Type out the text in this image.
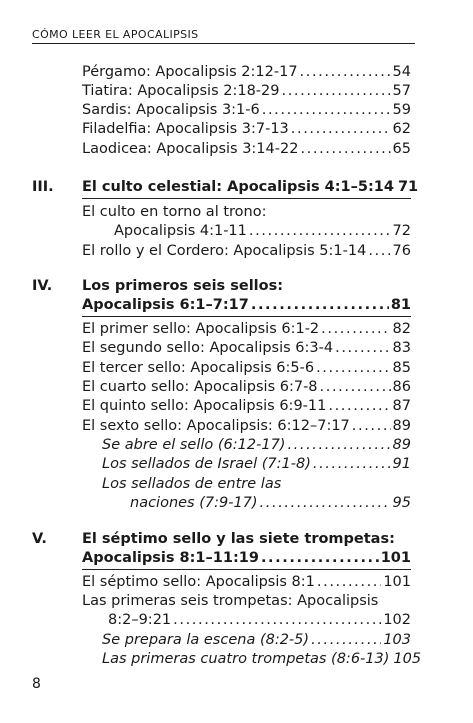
CÓMO LEER EL APOCALIPSIS
Pérgamo: Apocalipsis 2:12-17 .....	54
Tiatira: Apocalipsis 2:18-29 .....	57
Sardis: Apocalipsis 3:1-6 .....	59
Filadelfia: Apocalipsis 3:7-13 .....	62
Laodicea: Apocalipsis 3:14-22 .....	65
III. El culto celestial: Apocalipsis 4:1–5:14 71
El culto en torno al trono:
Apocalipsis 4:1-11 .....	72
El rollo y el Cordero: Apocalipsis 5:1-14 ..... 76
IV. Los primeros seis sellos:
Apocalipsis 6:1–7:17 .....	81
El primer sello: Apocalipsis 6:1-2 .....	82
El segundo sello: Apocalipsis 6:3-4 .....	83
El tercer sello: Apocalipsis 6:5-6 .....	85
El cuarto sello: Apocalipsis 6:7-8 .....	86
El quinto sello: Apocalipsis 6:9-11 .....	87
El sexto sello: Apocalipsis: 6:12–7:17 .....	89
Se abre el sello (6:12-17) .....	89
Los sellados de Israel (7:1-8) .....	91
Los sellados de entre las
naciones (7:9-17) .....	95
V. El séptimo sello y las siete trompetas:
Apocalipsis 8:1–11:19 .....	101
El séptimo sello: Apocalipsis 8:1 .....	101
Las primeras seis trompetas: Apocalipsis
8:2–9:21 .....	102
Se prepara la escena (8:2-5) .....	103
Las primeras cuatro trompetas (8:6-13) 105
8
